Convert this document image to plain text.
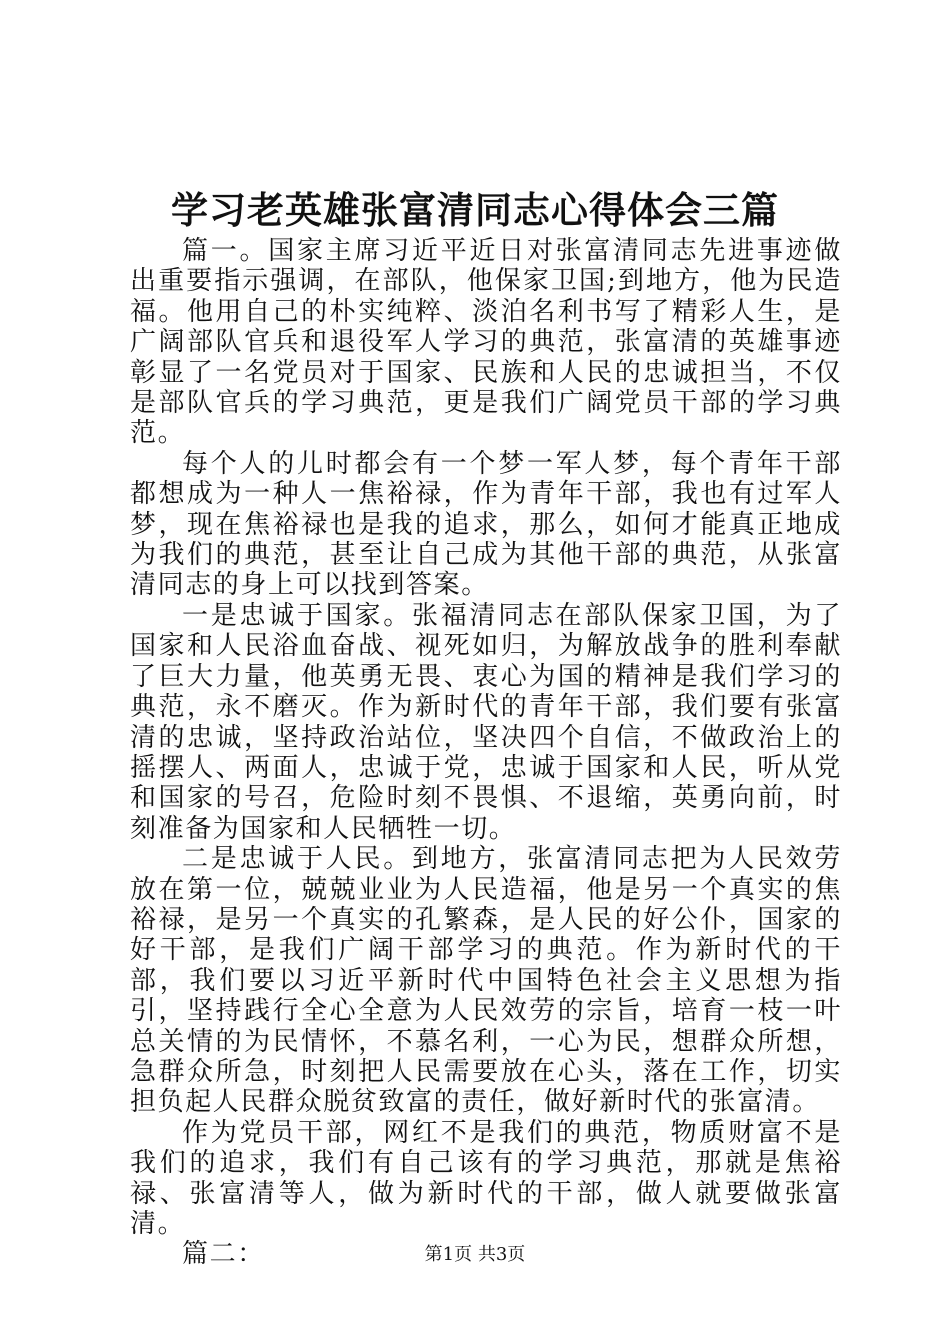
学习老英雄张富清同志心得体会三篇

篇一。国家主席习近平近日对张富清同志先进事迹做出重要指示强调，在部队，他保家卫国;到地方，他为民造福。他用自己的朴实纯粹、淡泊名利书写了精彩人生，是广阔部队官兵和退役军人学习的典范，张富清的英雄事迹彰显了一名党员对于国家、民族和人民的忠诚担当，不仅是部队官兵的学习典范，更是我们广阔党员干部的学习典范。

每个人的儿时都会有一个梦一军人梦，每个青年干部都想成为一种人一焦裕禄，作为青年干部，我也有过军人梦，现在焦裕禄也是我的追求，那么，如何才能真正地成为我们的典范，甚至让自己成为其他干部的典范，从张富清同志的身上可以找到答案。

一是忠诚于国家。张福清同志在部队保家卫国，为了国家和人民浴血奋战、视死如归，为解放战争的胜利奉献了巨大力量，他英勇无畏、衷心为国的精神是我们学习的典范，永不磨灭。作为新时代的青年干部，我们要有张富清的忠诚，坚持政治站位，坚决四个自信，不做政治上的摇摆人、两面人，忠诚于党，忠诚于国家和人民，听从党和国家的号召，危险时刻不畏惧、不退缩，英勇向前，时刻准备为国家和人民牺牲一切。

二是忠诚于人民。到地方，张富清同志把为人民效劳放在第一位，兢兢业业为人民造福，他是另一个真实的焦裕禄，是另一个真实的孔繁森，是人民的好公仆，国家的好干部，是我们广阔干部学习的典范。作为新时代的干部，我们要以习近平新时代中国特色社会主义思想为指引，坚持践行全心全意为人民效劳的宗旨，培育一枝一叶总关情的为民情怀，不慕名利，一心为民，想群众所想，急群众所急，时刻把人民需要放在心头，落在工作，切实担负起人民群众脱贫致富的责任，做好新时代的张富清。

作为党员干部，网红不是我们的典范，物质财富不是我们的追求，我们有自己该有的学习典范，那就是焦裕禄、张富清等人，做为新时代的干部，做人就要做张富清。

篇二：	第1页 共3页
